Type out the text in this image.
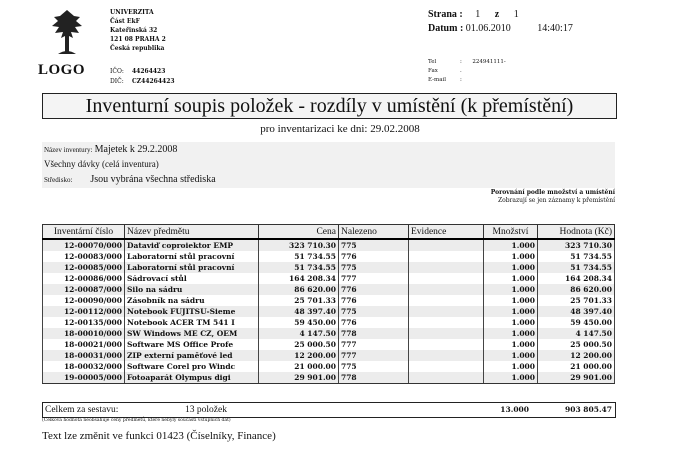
LOGO
UNIVERZITA
Část EkF
Kateřinská 32
121 08 PRAHA 2
Česká republika
IČO: 44264423
DIČ: CZ44264423
Strana : 1 z 1
Datum : 01.06.2010	14:40:17
Tel	: 224941111-
Fax	.
E-mail	:
Inventurní soupis položek - rozdíly v umístění (k přemístění)
pro inventarizaci ke dni: 29.02.2008
Název inventury: Majetek k 29.2.2008
Všechny dávky (celá inventura)
Středisko: Jsou vybrána všechna střediska
Porovnání podle množství a umístění
Zobrazují se jen záznamy k přemístění
Inventární číslo	Název předmětu	Cena	Nalezeno	Evidence	Množství	Hodnota (Kč)
12-00070/000	Dataviď coproiektor EMP	323 710.30	775		1.000	323 710.30
12-00083/000	Laboratorní stůl pracovní	51 734.55	776		1.000	51 734.55
12-00085/000	Laboratorní stůl pracovní	51 734.55	775		1.000	51 734.55
12-00086/000	Sádrovací stůl	164 208.34	777		1.000	164 208.34
12-00087/000	Silo na sádru	86 620.00	776		1.000	86 620.00
12-00090/000	Zásobník na sádru	25 701.33	776		1.000	25 701.33
12-00112/000	Notebook FUJITSU-Sieme	48 397.40	775		1.000	48 397.40
12-00135/000	Notebook ACER TM 541 I	59 450.00	776		1.000	59 450.00
18-00010/000	SW Windows ME CZ, OEM	4 147.50	778		1.000	4 147.50
18-00021/000	Software MS Office Profe	25 000.50	777		1.000	25 000.50
18-00031/000	ZIP externí paměťové led	12 200.00	777		1.000	12 200.00
18-00032/000	Software Corel pro Windc	21 000.00	775		1.000	21 000.00
19-00005/000	Fotoaparát Olympus digi	29 901.00	778		1.000	29 901.00
Celkem za sestavu:	13 položek	13.000	903 805.47
(Celková hodnota neobsahuje ceny předmětů, které nebyly součástí vstupních dat)
Text lze změnit ve funkci 01423 (Číselníky, Finance)
